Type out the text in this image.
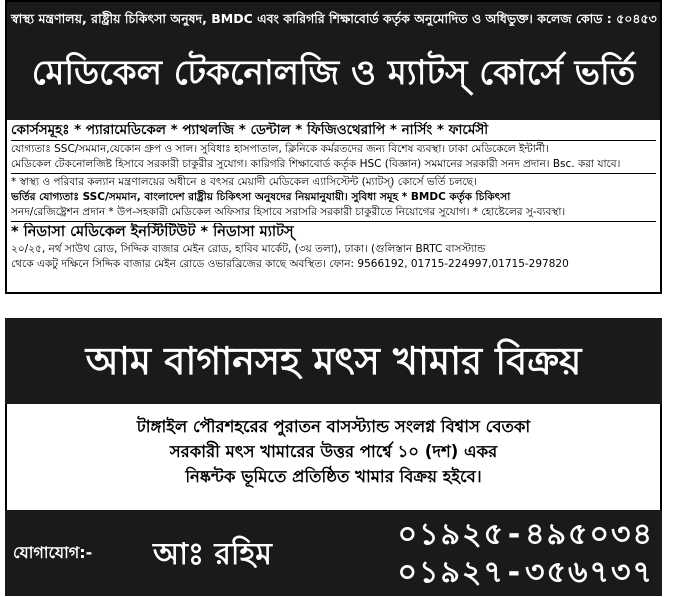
স্বাস্থ্য মন্ত্রণালয়, রাষ্ট্রীয় চিকিৎসা অনুষদ, BMDC এবং কারিগরি শিক্ষাবোর্ড কর্তৃক অনুমোদিত ও অধিভুক্ত। কলেজ কোড : ৫০৪৫৩
মেডিকেল টেকনোলজি ও ম্যাটস্ কোর্সে ভর্তি
কোর্সসমূহঃ * প্যারামেডিকেল * প্যাথলজি * ডেন্টাল * ফিজিওথেরাপি * নার্সিং * ফার্মেসী
যোগ্যতাঃ SSC/সমমান,যেকোন গ্রুপ ও সাল। সুবিধাঃ হাসপাতাল, ক্লিনিকে কর্মরতদের জন্য বিশেষ ব্যবস্থা। ঢাকা মেডিকেলে ইন্টার্নী।
মেডিকেল টেকনোলজিষ্ট হিসাবে সরকারী চাকুরীর সুযোগ। কারিগরি শিক্ষাবোর্ড কর্তৃক HSC (বিজ্ঞান) সমমানের সরকারী সনদ প্রদান। Bsc. করা যাবে।
* স্বাস্থ্য ও পরিবার কল্যান মন্ত্রণালয়ের অধীনে ৪ বৎসর মেয়াদী মেডিকেল এ্যাসিস্টেন্ট (ম্যাটস্) কোর্সে ভর্তি চলছে।
ভর্তির যোগ্যতাঃ SSC/সমমান, বাংলাদেশ রাষ্ট্রীয় চিকিৎসা অনুষদের নিয়মানুযায়ী। সুবিধা সমূহ * BMDC কর্তৃক চিকিৎসা
সনদ/রেজিষ্ট্রেশন প্রদান * উপ-সহকারী মেডিকেল অফিসার হিসাবে সরাসরি সরকারী চাকুরীতে নিয়োগের সুযোগ। * হোষ্টেলের সু-ব্যবস্থা।
* নিডাসা মেডিকেল ইনস্টিটিউট * নিডাসা ম্যাটস্
২০/২৫, নর্থ সাউথ রোড, সিদ্দিক বাজার মেইন রোড, হাবিব মার্কেট, (৩য় তলা), ঢাকা। (গুলিস্তান BRTC বাসস্ট্যান্ড
থেকে একটু দক্ষিনে সিদ্দিক বাজার মেইন রোডে ওভারব্রিজের কাছে অবস্থিত। ফোন: 9566192, 01715-224997,01715-297820
আম বাগানসহ মৎস খামার বিক্রয়
টাঙ্গাইল পৌরশহরের পুরাতন বাসস্ট্যান্ড সংলগ্ন বিশ্বাস বেতকা
সরকারী মৎস খামারের উত্তর পার্শ্বে ১০ (দশ) একর
নিষ্কন্টক ভূমিতে প্রতিষ্ঠিত খামার বিক্রয় হইবে।
যোগাযোগ:- আঃ রহিম
০১৯২৫-৪৯৫০৩৪
০১৯২৭-৩৫৬৭৩৭
